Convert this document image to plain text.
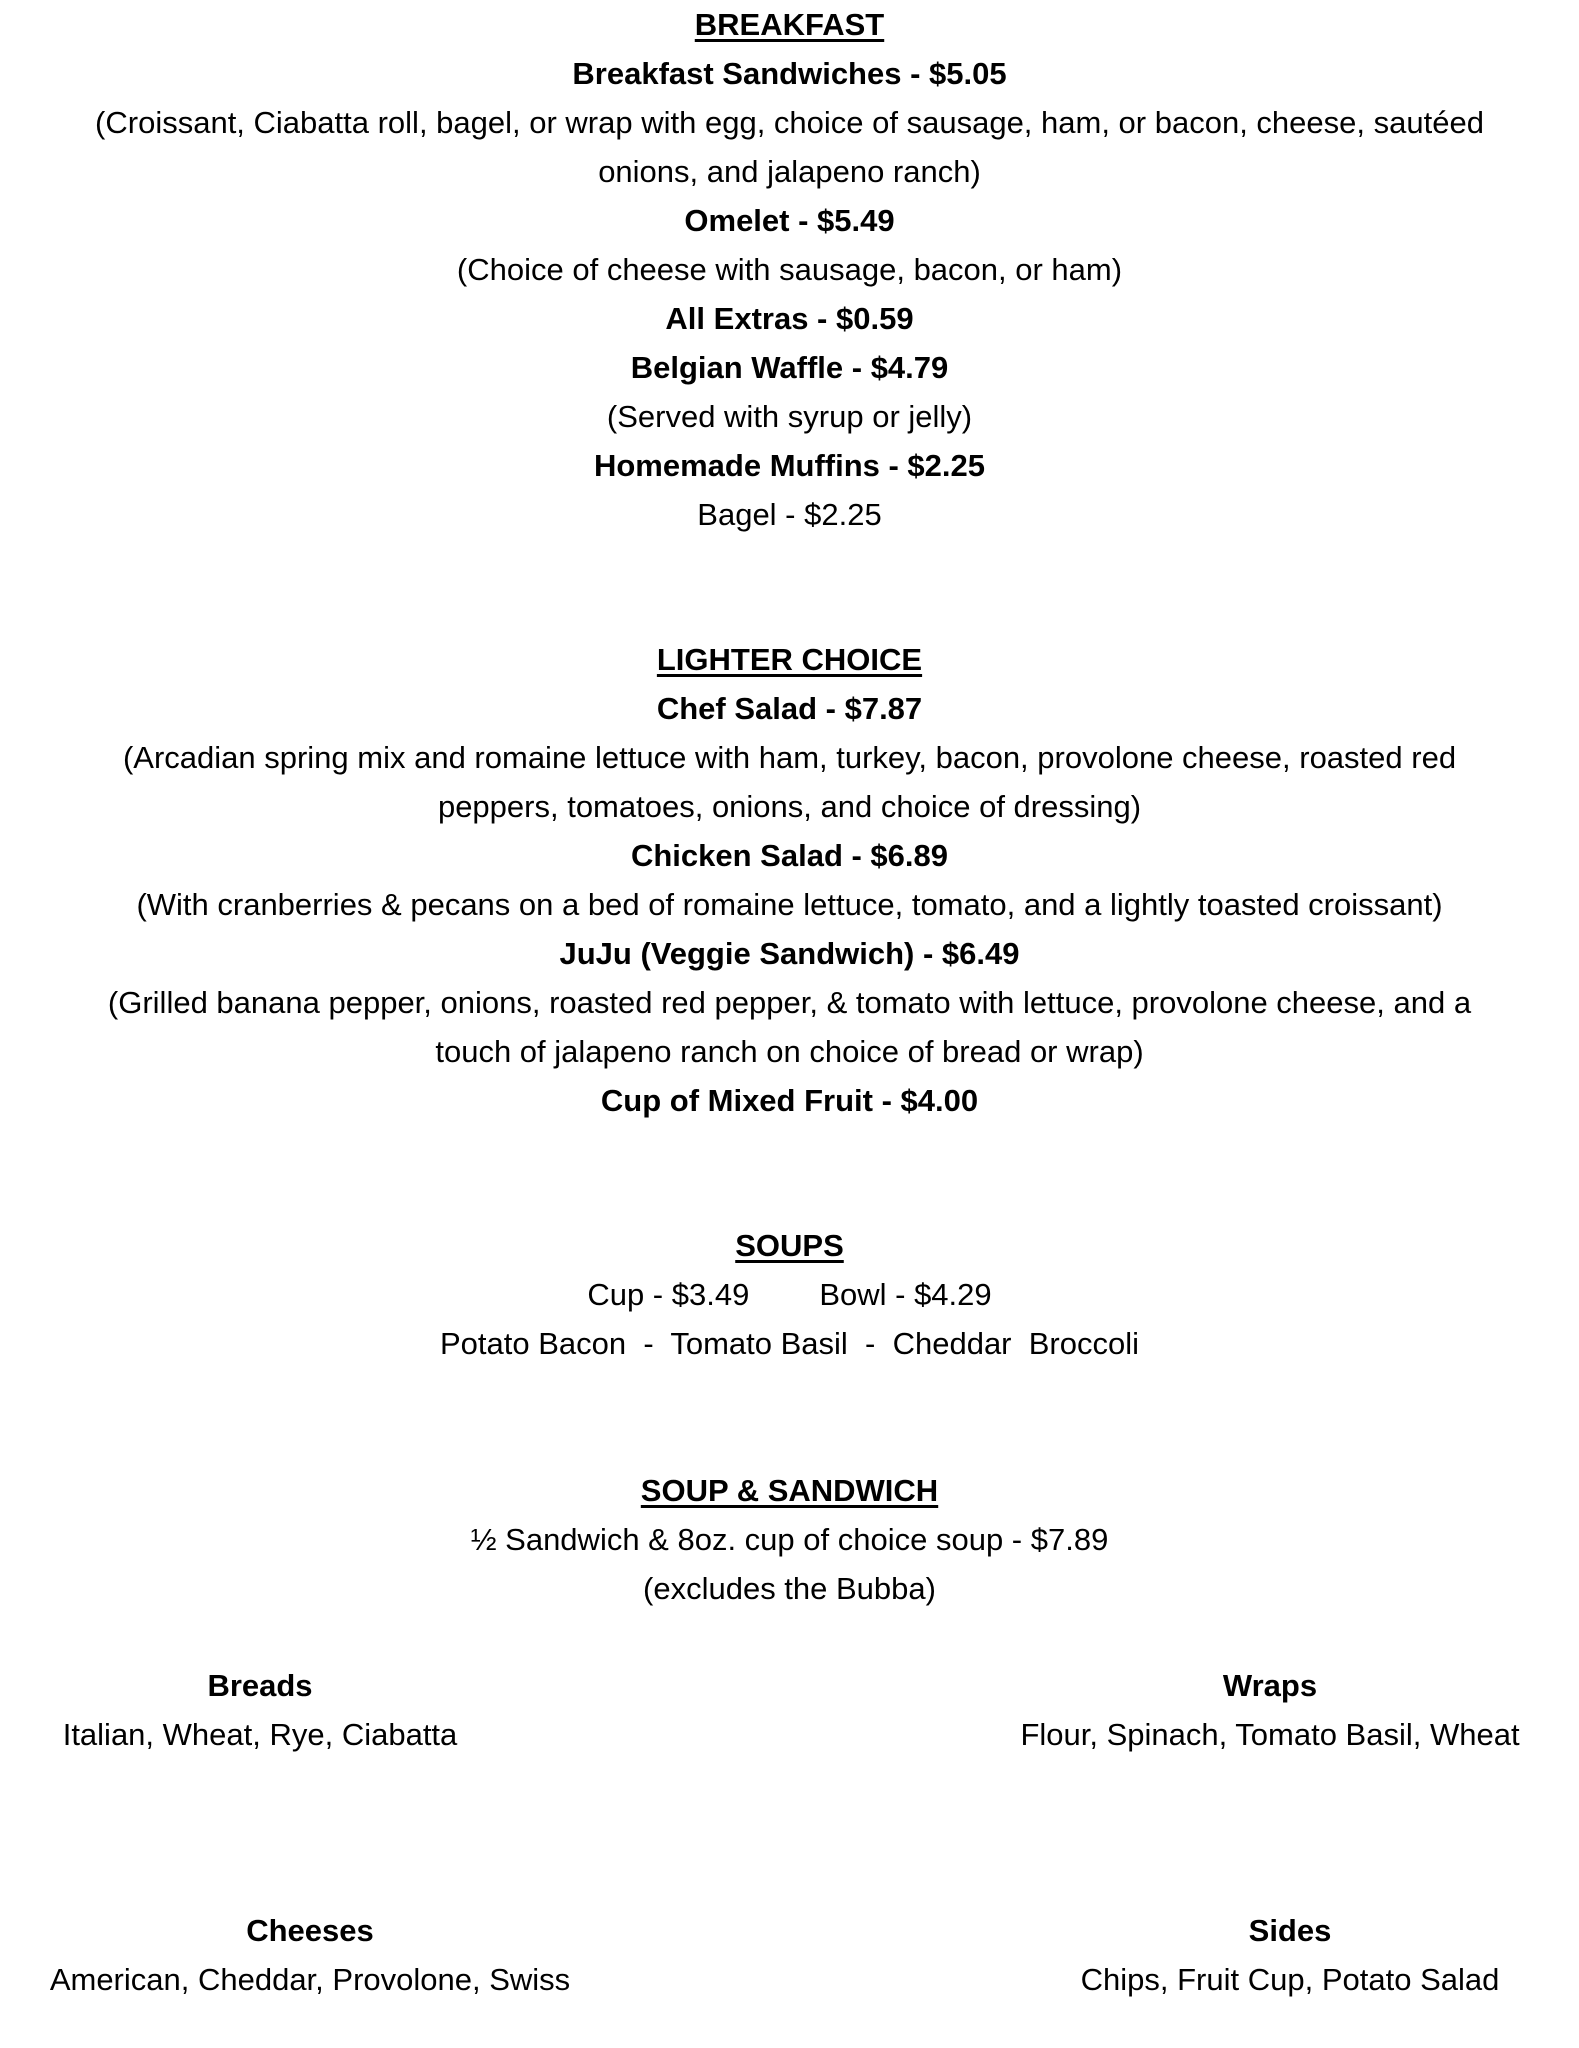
BREAKFAST
Breakfast Sandwiches - $5.05
(Croissant, Ciabatta roll, bagel, or wrap with egg, choice of sausage, ham, or bacon, cheese, sautéed
onions, and jalapeno ranch)
Omelet - $5.49
(Choice of cheese with sausage, bacon, or ham)
All Extras - $0.59
Belgian Waffle - $4.79
(Served with syrup or jelly)
Homemade Muffins - $2.25
Bagel - $2.25
LIGHTER CHOICE
Chef Salad - $7.87
(Arcadian spring mix and romaine lettuce with ham, turkey, bacon, provolone cheese, roasted red
peppers, tomatoes, onions, and choice of dressing)
Chicken Salad - $6.89
(With cranberries & pecans on a bed of romaine lettuce, tomato, and a lightly toasted croissant)
JuJu (Veggie Sandwich) - $6.49
(Grilled banana pepper, onions, roasted red pepper, & tomato with lettuce, provolone cheese, and a
touch of jalapeno ranch on choice of bread or wrap)
Cup of Mixed Fruit - $4.00
SOUPS
Cup - $3.49 Bowl - $4.29
Potato Bacon  -  Tomato Basil  -  Cheddar  Broccoli
SOUP & SANDWICH
½ Sandwich & 8oz. cup of choice soup - $7.89
(excludes the Bubba)
Breads
Italian, Wheat, Rye, Ciabatta
Wraps
Flour, Spinach, Tomato Basil, Wheat
Cheeses
American, Cheddar, Provolone, Swiss
Sides
Chips, Fruit Cup, Potato Salad
